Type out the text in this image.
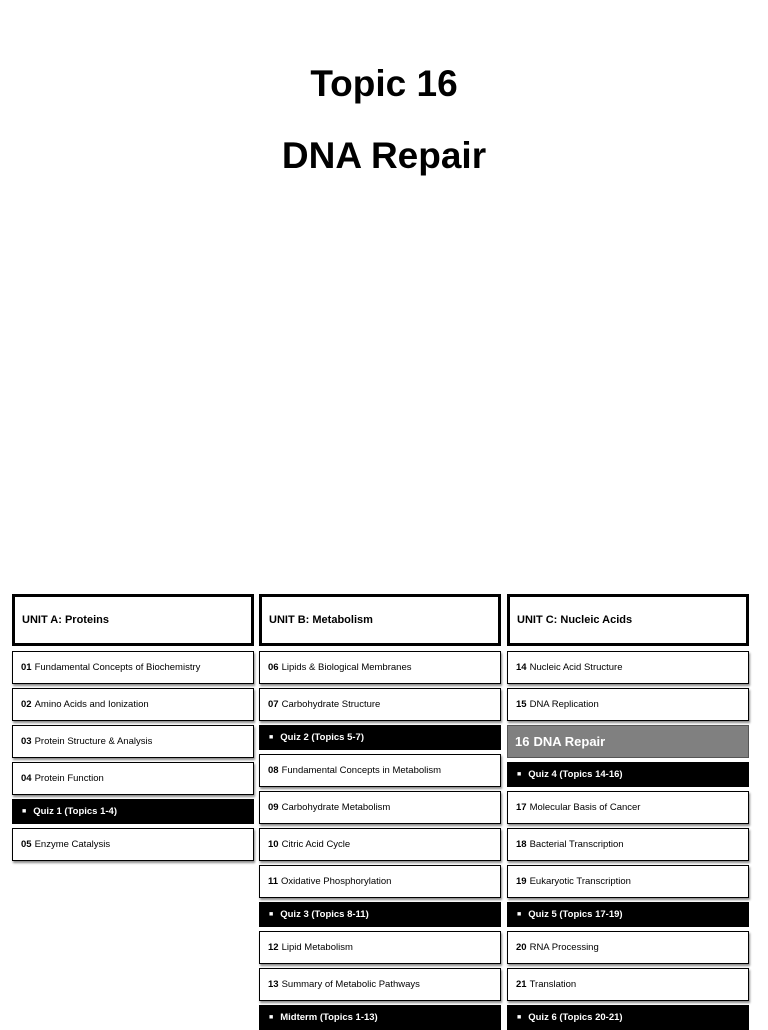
Topic 16
DNA Repair
UNIT A: Proteins
01 Fundamental Concepts of Biochemistry
02 Amino Acids and Ionization
03 Protein Structure & Analysis
04 Protein Function
■ Quiz 1 (Topics 1-4)
05 Enzyme Catalysis
UNIT B: Metabolism
06 Lipids & Biological Membranes
07 Carbohydrate Structure
■ Quiz 2 (Topics 5-7)
08 Fundamental Concepts in Metabolism
09 Carbohydrate Metabolism
10 Citric Acid Cycle
11 Oxidative Phosphorylation
■ Quiz 3 (Topics 8-11)
12 Lipid Metabolism
13 Summary of Metabolic Pathways
■ Midterm (Topics 1-13)
UNIT C: Nucleic Acids
14 Nucleic Acid Structure
15 DNA Replication
16 DNA Repair
■ Quiz 4 (Topics 14-16)
17 Molecular Basis of Cancer
18 Bacterial Transcription
19 Eukaryotic Transcription
■ Quiz 5 (Topics 17-19)
20 RNA Processing
21 Translation
■ Quiz 6 (Topics 20-21)
